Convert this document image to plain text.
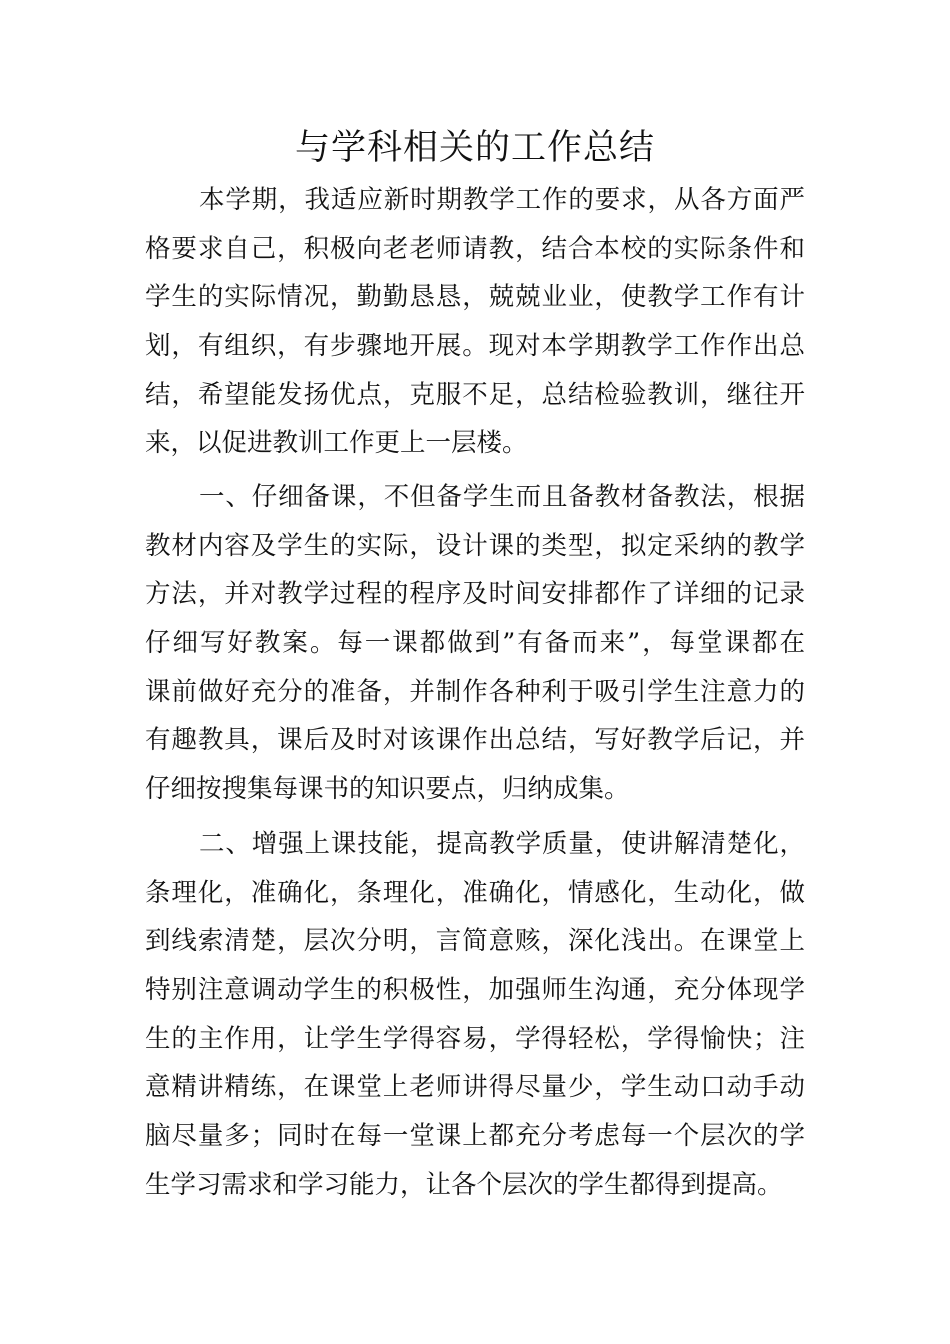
与学科相关的工作总结

本学期，我适应新时期教学工作的要求，从各方面严
格要求自己，积极向老老师请教，结合本校的实际条件和
学生的实际情况，勤勤恳恳，兢兢业业，使教学工作有计
划，有组织，有步骤地开展。现对本学期教学工作作出总
结，希望能发扬优点，克服不足，总结检验教训，继往开
来，以促进教训工作更上一层楼。

一、仔细备课，不但备学生而且备教材备教法，根据
教材内容及学生的实际，设计课的类型，拟定采纳的教学
方法，并对教学过程的程序及时间安排都作了详细的记录
仔细写好教案。每一课都做到”有备而来”，每堂课都在
课前做好充分的准备，并制作各种利于吸引学生注意力的
有趣教具，课后及时对该课作出总结，写好教学后记，并
仔细按搜集每课书的知识要点，归纳成集。

二、增强上课技能，提高教学质量，使讲解清楚化，
条理化，准确化，条理化，准确化，情感化，生动化，做
到线索清楚，层次分明，言简意赅，深化浅出。在课堂上
特别注意调动学生的积极性，加强师生沟通，充分体现学
生的主作用，让学生学得容易，学得轻松，学得愉快；注
意精讲精练，在课堂上老师讲得尽量少，学生动口动手动
脑尽量多；同时在每一堂课上都充分考虑每一个层次的学
生学习需求和学习能力，让各个层次的学生都得到提高。
